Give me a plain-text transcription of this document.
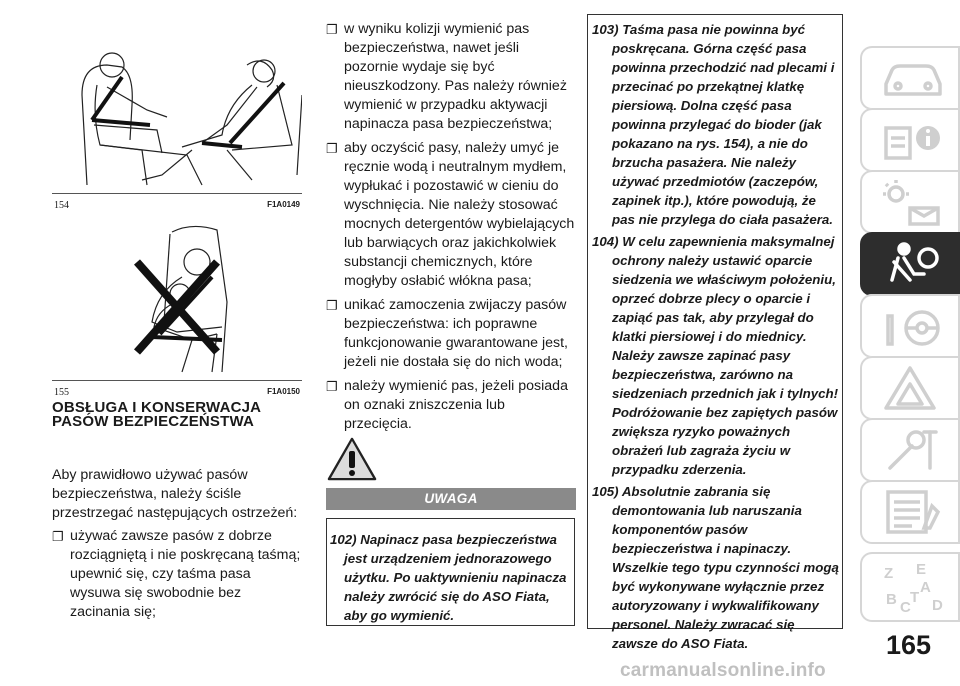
154	F1A0149
155	F1A0150
OBSŁUGA I KONSERWACJA PASÓW BEZPIECZEŃSTWA
Aby prawidłowo używać pasów bezpieczeństwa, należy ściśle przestrzegać następujących ostrzeżeń:
❐ używać zawsze pasów z dobrze rozciągniętą i nie poskręcaną taśmą; upewnić się, czy taśma pasa wysuwa się swobodnie bez zacinania się;
❐ w wyniku kolizji wymienić pas bezpieczeństwa, nawet jeśli pozornie wydaje się być nieuszkodzony. Pas należy również wymienić w przypadku aktywacji napinacza pasa bezpieczeństwa;
❐ aby oczyścić pasy, należy umyć je ręcznie wodą i neutralnym mydłem, wypłukać i pozostawić w cieniu do wyschnięcia. Nie należy stosować mocnych detergentów wybielających lub barwiących oraz jakichkolwiek substancji chemicznych, które mogłyby osłabić włókna pasa;
❐ unikać zamoczenia zwijaczy pasów bezpieczeństwa: ich poprawne funkcjonowanie gwarantowane jest, jeżeli nie dostała się do nich woda;
❐ należy wymienić pas, jeżeli posiada on oznaki zniszczenia lub przecięcia.
UWAGA
102) Napinacz pasa bezpieczeństwa jest urządzeniem jednorazowego użytku. Po uaktywnieniu napinacza należy zwrócić się do ASO Fiata, aby go wymienić.
103) Taśma pasa nie powinna być poskręcana. Górna część pasa powinna przechodzić nad plecami i przecinać po przekątnej klatkę piersiową. Dolna część pasa powinna przylegać do bioder (jak pokazano na rys. 154), a nie do brzucha pasażera. Nie należy używać przedmiotów (zaczepów, zapinek itp.), które powodują, że pas nie przylega do ciała pasażera.
104) W celu zapewnienia maksymalnej ochrony należy ustawić oparcie siedzenia we właściwym położeniu, oprzeć dobrze plecy o oparcie i zapiąć pas tak, aby przylegał do klatki piersiowej i do miednicy. Należy zawsze zapinać pasy bezpieczeństwa, zarówno na siedzeniach przednich jak i tylnych! Podróżowanie bez zapiętych pasów zwiększa ryzyko poważnych obrażeń lub zagraża życiu w przypadku zderzenia.
105) Absolutnie zabrania się demontowania lub naruszania komponentów pasów bezpieczeństwa i napinaczy. Wszelkie tego typu czynności mogą być wykonywane wyłącznie przez autoryzowany i wykwalifikowany personel. Należy zwracać się zawsze do ASO Fiata.
Z E
A
B C
T D
165
carmanualsonline.info
